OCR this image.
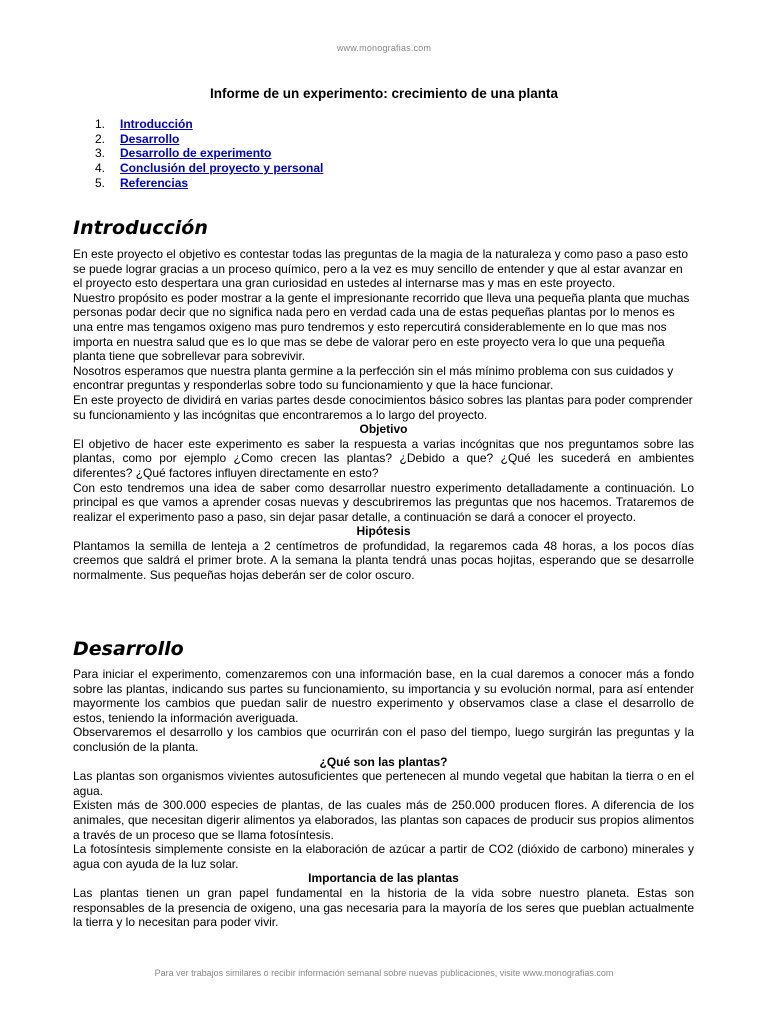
www.monografias.com
Informe de un experimento: crecimiento de una planta
1.	Introducción
2.	Desarrollo
3.	Desarrollo de experimento
4.	Conclusión del proyecto y personal
5.	Referencias
Introducción

En este proyecto el objetivo es contestar todas las preguntas de la magia de la naturaleza y como paso a paso esto se puede lograr gracias a un proceso químico, pero a la vez es muy sencillo de entender y que al estar avanzar en el proyecto esto despertara una gran curiosidad en ustedes al internarse mas y mas en este proyecto.

Nuestro propósito es poder mostrar a la gente el impresionante recorrido que lleva una pequeña planta que muchas personas podar decir que no significa nada pero en verdad cada una de estas pequeñas plantas por lo menos es una entre mas tengamos oxigeno mas puro tendremos y esto repercutirá considerablemente en lo que mas nos importa en nuestra salud que es lo que mas se debe de valorar pero en este proyecto vera lo que una pequeña planta tiene que sobrellevar para sobrevivir.

Nosotros esperamos que nuestra planta germine a la perfección sin el más mínimo problema con sus cuidados y encontrar preguntas y responderlas sobre todo su funcionamiento y que la hace funcionar.

En este proyecto de dividirá en varias partes desde conocimientos básico sobres las plantas para poder comprender su funcionamiento y las incógnitas que encontraremos a lo largo del proyecto.

Objetivo

El objetivo de hacer este experimento es saber la respuesta a varias incógnitas que nos preguntamos sobre las plantas, como por ejemplo ¿Como crecen las plantas? ¿Debido a que? ¿Qué les sucederá en ambientes diferentes? ¿Qué factores influyen directamente en esto?

Con esto tendremos una idea de saber como desarrollar nuestro experimento detalladamente a continuación. Lo principal es que vamos a aprender cosas nuevas y descubriremos las preguntas que nos hacemos. Trataremos de realizar el experimento paso a paso, sin dejar pasar detalle, a continuación se dará a conocer el proyecto.

Hipótesis

Plantamos la semilla de lenteja a 2 centímetros de profundidad, la regaremos cada 48 horas, a los pocos días creemos que saldrá el primer brote. A la semana la planta tendrá unas pocas hojitas, esperando que se desarrolle normalmente. Sus pequeñas hojas deberán ser de color oscuro.

Desarrollo

Para iniciar el experimento, comenzaremos con una información base, en la cual daremos a conocer más a fondo sobre las plantas, indicando sus partes su funcionamiento, su importancia y su evolución normal, para así entender mayormente los cambios que puedan salir de nuestro experimento y observamos clase a clase el desarrollo de estos, teniendo la información averiguada.

Observaremos el desarrollo y los cambios que ocurrirán con el paso del tiempo, luego surgirán las preguntas y la conclusión de la planta.

¿Qué son las plantas?

Las plantas son organismos vivientes autosuficientes que pertenecen al mundo vegetal que habitan la tierra o en el agua.

Existen más de 300.000 especies de plantas, de las cuales más de 250.000 producen flores. A diferencia de los animales, que necesitan digerir alimentos ya elaborados, las plantas son capaces de producir sus propios alimentos a través de un proceso que se llama fotosíntesis.

La fotosíntesis simplemente consiste en la elaboración de azúcar a partir de CO2 (dióxido de carbono) minerales y agua con ayuda de la luz solar.

Importancia de las plantas

Las plantas tienen un gran papel fundamental en la historia de la vida sobre nuestro planeta. Estas son responsables de la presencia de oxigeno, una gas necesaria para la mayoría de los seres que pueblan actualmente la tierra y lo necesitan para poder vivir.

Para ver trabajos similares o recibir información semanal sobre nuevas publicaciones, visite www.monografias.com
